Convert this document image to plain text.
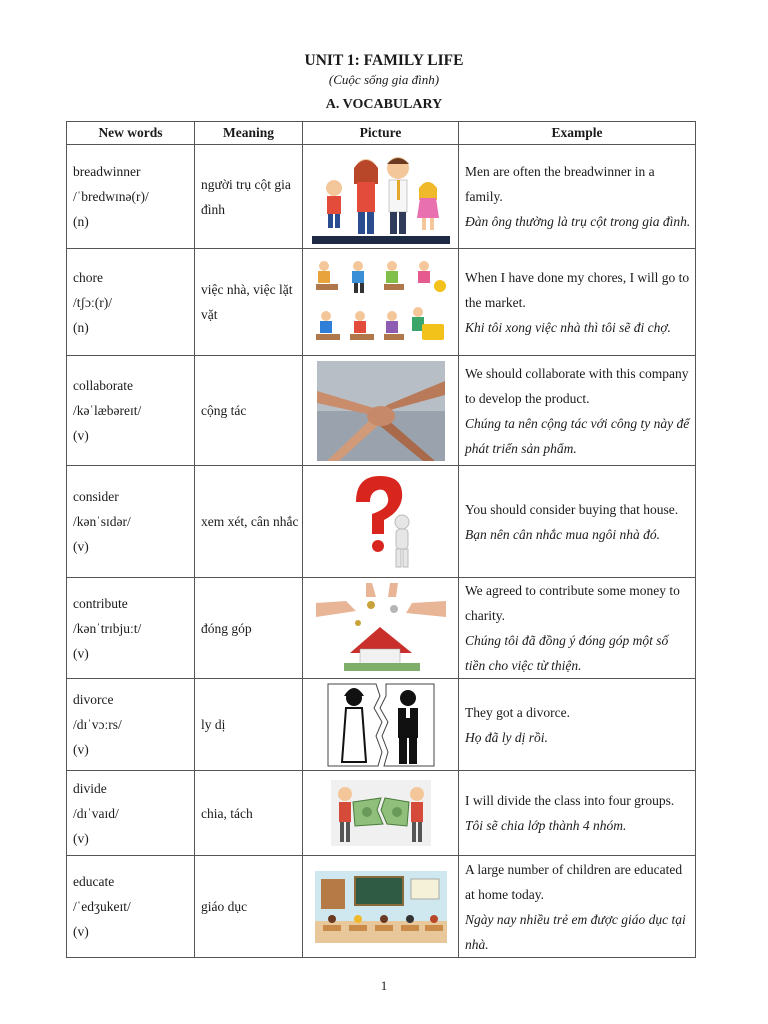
UNIT 1: FAMILY LIFE
(Cuộc sống gia đình)
A. VOCABULARY
New words	Meaning	Picture	Example

breadwinner
/ˈbredwɪnə(r)/
(n)	người trụ cột gia đình		Men are often the breadwinner in a family.
Đàn ông thường là trụ cột trong gia đình.

chore
/tʃɔː(r)/
(n)	việc nhà, việc lặt vặt		When I have done my chores, I will go to the market.
Khi tôi xong việc nhà thì tôi sẽ đi chợ.

collaborate
/kəˈlæbəreɪt/
(v)	cộng tác		We should collaborate with this company to develop the product.
Chúng ta nên cộng tác với công ty này để phát triển sản phẩm.

consider
/kənˈsɪdər/
(v)	xem xét, cân nhắc		You should consider buying that house.
Bạn nên cân nhắc mua ngôi nhà đó.

contribute
/kənˈtrɪbjuːt/
(v)	đóng góp		We agreed to contribute some money to charity.
Chúng tôi đã đồng ý đóng góp một số tiền cho việc từ thiện.

divorce
/dɪˈvɔːrs/
(v)	ly dị		They got a divorce.
Họ đã ly dị rồi.

divide
/dɪˈvaɪd/
(v)	chia, tách		I will divide the class into four groups.
Tôi sẽ chia lớp thành 4 nhóm.

educate
/ˈedʒukeɪt/
(v)	giáo dục		A large number of children are educated at home today.
Ngày nay nhiều trẻ em được giáo dục tại nhà.
1
